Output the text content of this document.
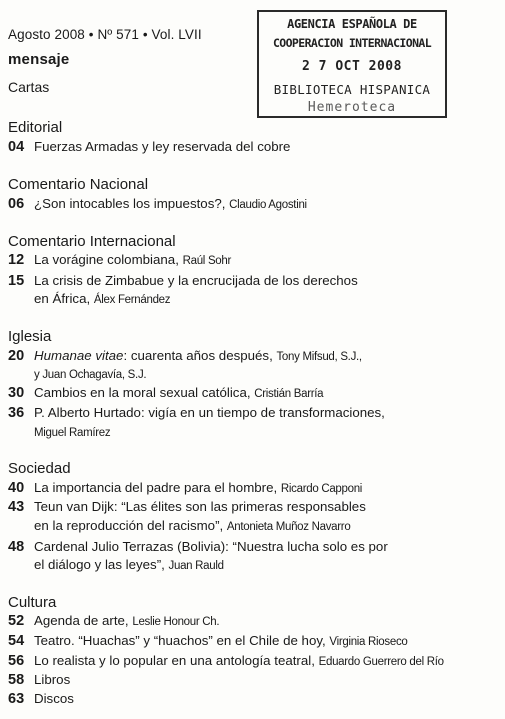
Agosto 2008 • Nº 571 • Vol. LVII
mensaje
Cartas
AGENCIA ESPAÑOLA DE
COOPERACION INTERNACIONAL
2 7 OCT 2008
BIBLIOTECA HISPANICA
Hemeroteca
Editorial
04 Fuerzas Armadas y ley reservada del cobre
Comentario Nacional
06 ¿Son intocables los impuestos?, Claudio Agostini
Comentario Internacional
12 La vorágine colombiana, Raúl Sohr
15 La crisis de Zimbabue y la encrucijada de los derechos
en África, Álex Fernández
Iglesia
20 Humanae vitae: cuarenta años después, Tony Mifsud, S.J.,
y Juan Ochagavía, S.J.
30 Cambios en la moral sexual católica, Cristián Barría
36 P. Alberto Hurtado: vigía en un tiempo de transformaciones,
Miguel Ramírez
Sociedad
40 La importancia del padre para el hombre, Ricardo Capponi
43 Teun van Dijk: “Las élites son las primeras responsables
en la reproducción del racismo”, Antonieta Muñoz Navarro
48 Cardenal Julio Terrazas (Bolivia): “Nuestra lucha solo es por
el diálogo y las leyes”, Juan Rauld
Cultura
52 Agenda de arte, Leslie Honour Ch.
54 Teatro. “Huachas” y “huachos” en el Chile de hoy, Virginia Rioseco
56 Lo realista y lo popular en una antología teatral, Eduardo Guerrero del Río
58 Libros
63 Discos
